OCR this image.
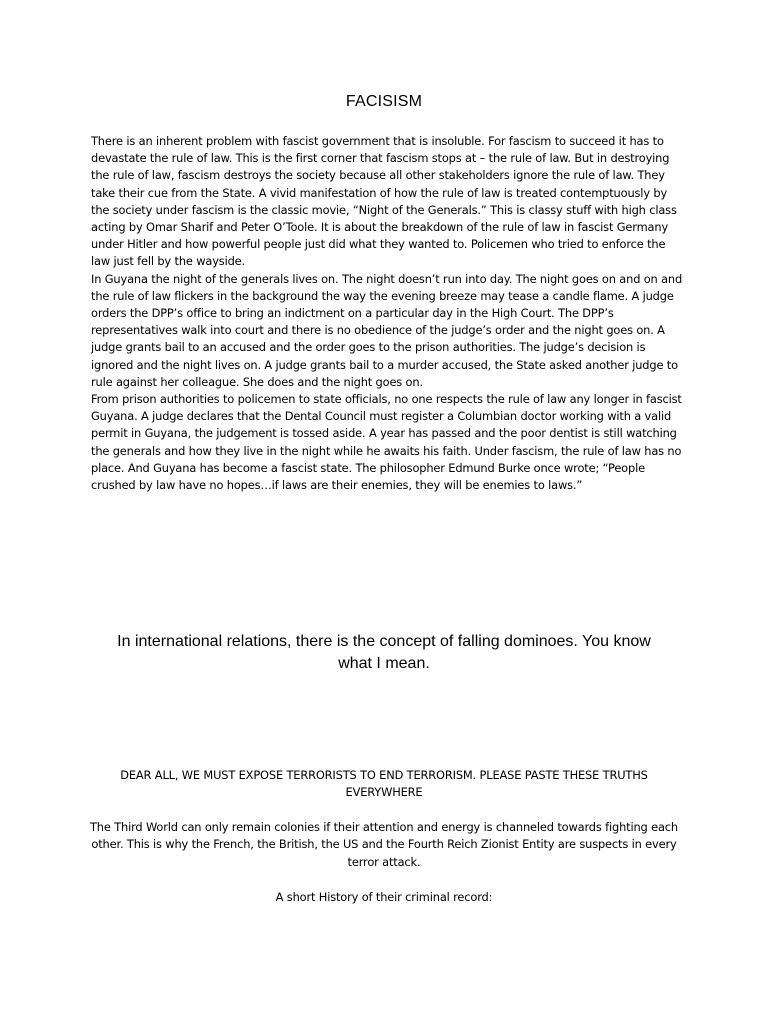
FACISISM

There is an inherent problem with fascist government that is insoluble. For fascism to succeed it has to devastate the rule of law. This is the first corner that fascism stops at – the rule of law. But in destroying the rule of law, fascism destroys the society because all other stakeholders ignore the rule of law. They take their cue from the State. A vivid manifestation of how the rule of law is treated contemptuously by the society under fascism is the classic movie, “Night of the Generals.” This is classy stuff with high class acting by Omar Sharif and Peter O’Toole. It is about the breakdown of the rule of law in fascist Germany under Hitler and how powerful people just did what they wanted to. Policemen who tried to enforce the law just fell by the wayside.

In Guyana the night of the generals lives on. The night doesn’t run into day. The night goes on and on and the rule of law flickers in the background the way the evening breeze may tease a candle flame. A judge orders the DPP’s office to bring an indictment on a particular day in the High Court. The DPP’s representatives walk into court and there is no obedience of the judge’s order and the night goes on. A judge grants bail to an accused and the order goes to the prison authorities. The judge’s decision is ignored and the night lives on. A judge grants bail to a murder accused, the State asked another judge to rule against her colleague. She does and the night goes on.

From prison authorities to policemen to state officials, no one respects the rule of law any longer in fascist Guyana. A judge declares that the Dental Council must register a Columbian doctor working with a valid permit in Guyana, the judgement is tossed aside. A year has passed and the poor dentist is still watching the generals and how they live in the night while he awaits his faith. Under fascism, the rule of law has no place. And Guyana has become a fascist state. The philosopher Edmund Burke once wrote; “People crushed by law have no hopes…if laws are their enemies, they will be enemies to laws.”

In international relations, there is the concept of falling dominoes. You know what I mean.
DEAR ALL, WE MUST EXPOSE TERRORISTS TO END TERRORISM. PLEASE PASTE THESE TRUTHS EVERYWHERE
The Third World can only remain colonies if their attention and energy is channeled towards fighting each other. This is why the French, the British, the US and the Fourth Reich Zionist Entity are suspects in every terror attack.
A short History of their criminal record:
